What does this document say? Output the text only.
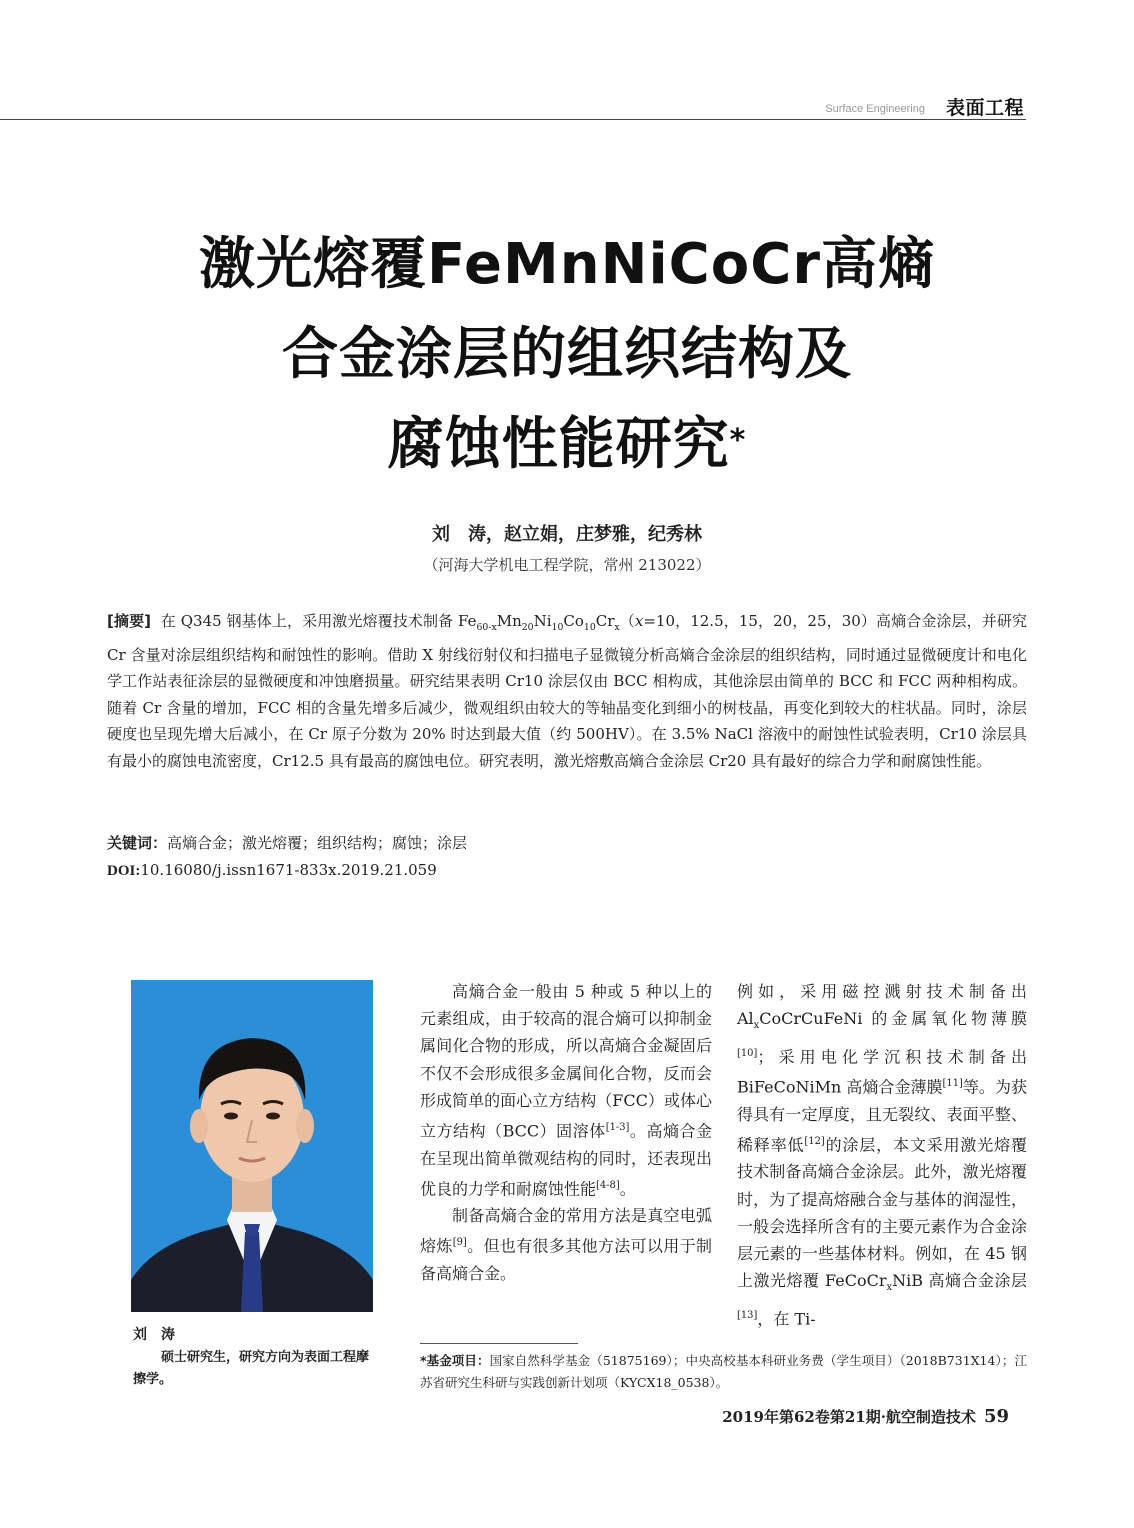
Surface Engineering 表面工程
激光熔覆FeMnNiCoCr高熵
合金涂层的组织结构及
腐蚀性能研究*
刘　涛，赵立娟，庄梦雅，纪秀林
（河海大学机电工程学院，常州 213022）
[摘要] 在 Q345 钢基体上，采用激光熔覆技术制备 $Fe_{60-x}Mn_{20}Ni_{10}Co_{10}Cr_x(x=10$，12.5，15，20，25，30）高熵合金涂层，并研究 Cr 含量对涂层组织结构和耐蚀性的影响。借助 X 射线衍射仪和扫描电子显微镜分析高熵合金涂层的组织结构，同时通过显微硬度计和电化学工作站表征涂层的显微硬度和冲蚀磨损量。研究结果表明 Cr10 涂层仅由 BCC 相构成，其他涂层由简单的 BCC 和 FCC 两种相构成。随着 Cr 含量的增加，FCC 相的含量先增多后减少，微观组织由较大的等轴晶变化到细小的树枝晶，再变化到较大的柱状晶。同时，涂层硬度也呈现先增大后减小，在 Cr 原子分数为 20% 时达到最大值（约 500HV）。在 3.5% NaCl 溶液中的耐蚀性试验表明，Cr10 涂层具有最小的腐蚀电流密度，Cr12.5 具有最高的腐蚀电位。研究表明，激光熔敷高熵合金涂层 Cr20 具有最好的综合力学和耐腐蚀性能。
关键词：高熵合金；激光熔覆；组织结构；腐蚀；涂层
DOI:10.16080/j.issn1671-833x.2019.21.059
刘　涛
硕士研究生，研究方向为表面工程摩擦学。

高熵合金一般由 5 种或 5 种以上的元素组成，由于较高的混合熵可以抑制金属间化合物的形成，所以高熵合金凝固后不仅不会形成很多金属间化合物，反而会形成简单的面心立方结构（FCC）或体心立方结构（BCC）固溶体[1-3]。高熵合金在呈现出简单微观结构的同时，还表现出优良的力学和耐腐蚀性能[4-8]。

制备高熵合金的常用方法是真空电弧熔炼[9]。但也有很多其他方法可以用于制备高熵合金。

例如，采用磁控溅射技术制备出 $Al_xCoCrCuFeNi$ 的金属氧化物薄膜[10]；采用电化学沉积技术制备出 BiFeCoNiMn 高熵合金薄膜[11]等。为获得具有一定厚度，且无裂纹、表面平整、稀释率低[12]的涂层，本文采用激光熔覆技术制备高熵合金涂层。此外，激光熔覆时，为了提高熔融合金与基体的润湿性，一般会选择所含有的主要元素作为合金涂层元素的一些基体材料。例如，在 45 钢上激光熔覆 FeCoCr$_x$NiB 高熵合金涂层[13]，在 Ti-

*基金项目：国家自然科学基金（51875169）；中央高校基本科研业务费（学生项目）（2018B731X14）；江苏省研究生科研与实践创新计划项（KYCX18_0538）。
2019年第62卷第21期·航空制造技术 59
